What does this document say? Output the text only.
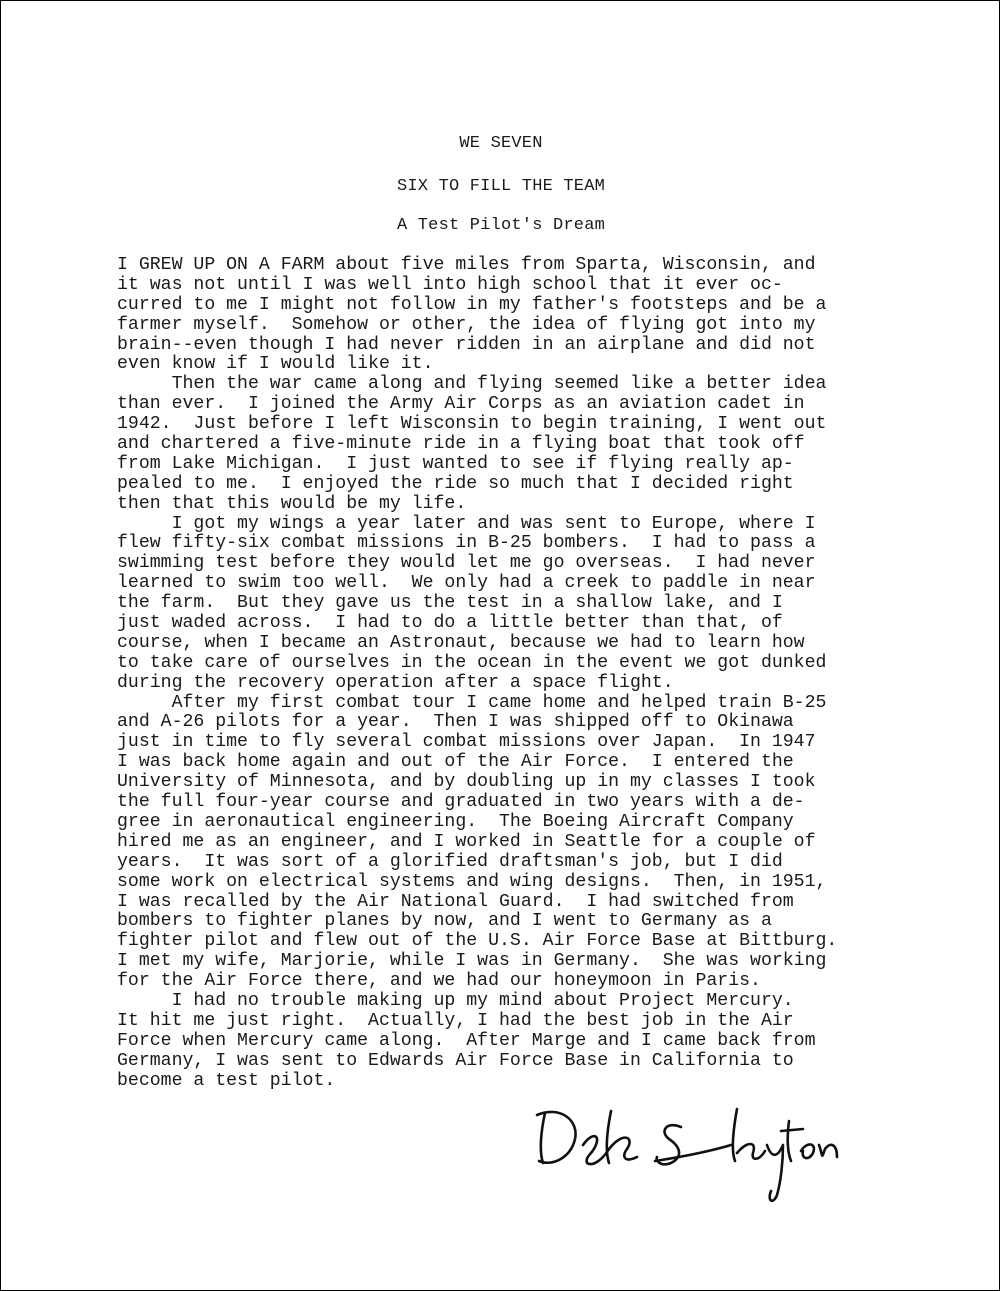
WE SEVEN
SIX TO FILL THE TEAM
A Test Pilot's Dream
I GREW UP ON A FARM about five miles from Sparta, Wisconsin, and
it was not until I was well into high school that it ever oc-
curred to me I might not follow in my father's footsteps and be a
farmer myself.  Somehow or other, the idea of flying got into my
brain--even though I had never ridden in an airplane and did not
even know if I would like it.
Then the war came along and flying seemed like a better idea
than ever.  I joined the Army Air Corps as an aviation cadet in
1942.  Just before I left Wisconsin to begin training, I went out
and chartered a five-minute ride in a flying boat that took off
from Lake Michigan.  I just wanted to see if flying really ap-
pealed to me.  I enjoyed the ride so much that I decided right
then that this would be my life.
I got my wings a year later and was sent to Europe, where I
flew fifty-six combat missions in B-25 bombers.  I had to pass a
swimming test before they would let me go overseas.  I had never
learned to swim too well.  We only had a creek to paddle in near
the farm.  But they gave us the test in a shallow lake, and I
just waded across.  I had to do a little better than that, of
course, when I became an Astronaut, because we had to learn how
to take care of ourselves in the ocean in the event we got dunked
during the recovery operation after a space flight.
After my first combat tour I came home and helped train B-25
and A-26 pilots for a year.  Then I was shipped off to Okinawa
just in time to fly several combat missions over Japan.  In 1947
I was back home again and out of the Air Force.  I entered the
University of Minnesota, and by doubling up in my classes I took
the full four-year course and graduated in two years with a de-
gree in aeronautical engineering.  The Boeing Aircraft Company
hired me as an engineer, and I worked in Seattle for a couple of
years.  It was sort of a glorified draftsman's job, but I did
some work on electrical systems and wing designs.  Then, in 1951,
I was recalled by the Air National Guard.  I had switched from
bombers to fighter planes by now, and I went to Germany as a
fighter pilot and flew out of the U.S. Air Force Base at Bittburg.
I met my wife, Marjorie, while I was in Germany.  She was working
for the Air Force there, and we had our honeymoon in Paris.
I had no trouble making up my mind about Project Mercury.
It hit me just right.  Actually, I had the best job in the Air
Force when Mercury came along.  After Marge and I came back from
Germany, I was sent to Edwards Air Force Base in California to
become a test pilot.
